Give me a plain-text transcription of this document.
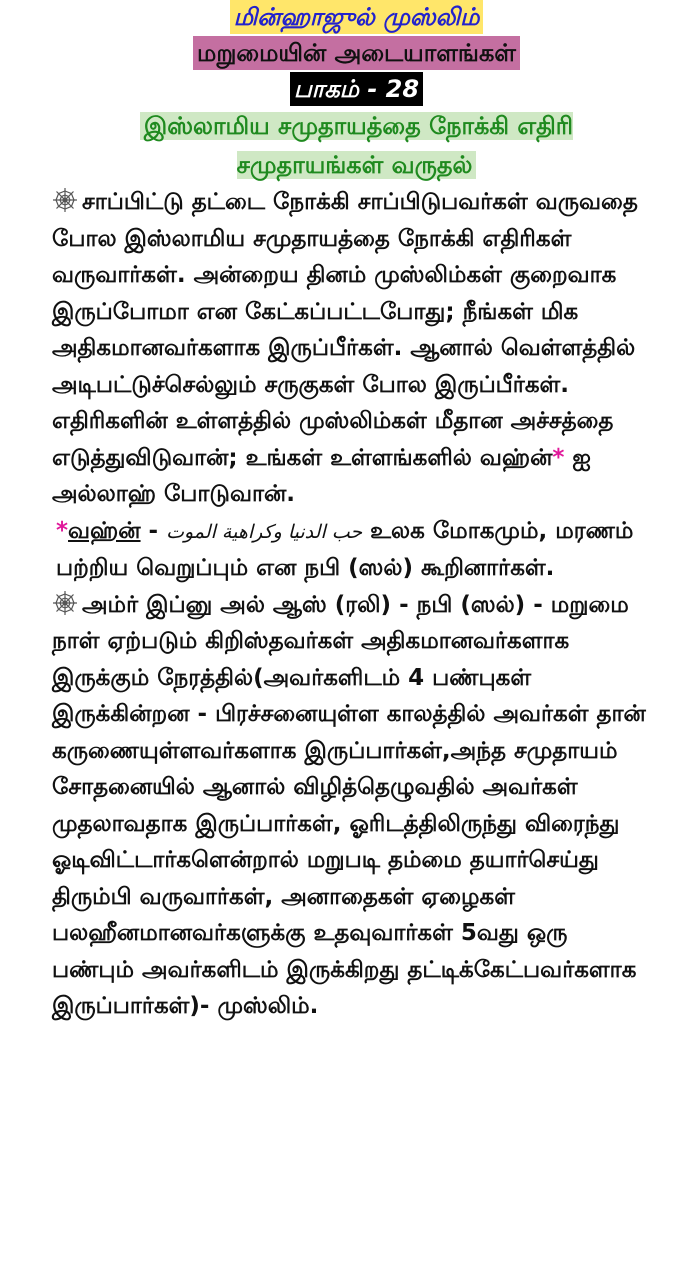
மின்ஹாஜுல் முஸ்லிம்
மறுமையின் அடையாளங்கள்
பாகம் - 28
இஸ்லாமிய சமுதாயத்தை நோக்கி எதிரி சமுதாயங்கள் வருதல்

சாப்பிட்டு தட்டை நோக்கி சாப்பிடுபவர்கள் வருவதை போல இஸ்லாமிய சமுதாயத்தை நோக்கி எதிரிகள் வருவார்கள். அன்றைய தினம் முஸ்லிம்கள் குறைவாக இருப்போமா என கேட்கப்பட்டபோது; நீங்கள் மிக அதிகமானவர்களாக இருப்பீர்கள். ஆனால் வெள்ளத்தில் அடிபட்டுச்செல்லும் சருகுகள் போல இருப்பீர்கள். எதிரிகளின் உள்ளத்தில் முஸ்லிம்கள் மீதான அச்சத்தை எடுத்துவிடுவான்; உங்கள் உள்ளங்களில் வஹ்ன்* ஐ அல்லாஹ் போடுவான்.

*வஹ்ன் - حب الدنيا وكراهية الموت உலக மோகமும், மரணம் பற்றிய வெறுப்பும் என நபி (ஸல்) கூறினார்கள்.

அம்ர் இப்னு அல் ஆஸ் (ரலி) - நபி (ஸல்) - மறுமை நாள் ஏற்படும் கிறிஸ்தவர்கள் அதிகமானவர்களாக இருக்கும் நேரத்தில்(அவர்களிடம் 4 பண்புகள் இருக்கின்றன - பிரச்சனையுள்ள காலத்தில் அவர்கள் தான் கருணையுள்ளவர்களாக இருப்பார்கள்,அந்த சமுதாயம் சோதனையில் ஆனால் விழித்தெழுவதில் அவர்கள் முதலாவதாக இருப்பார்கள், ஓரிடத்திலிருந்து விரைந்து ஓடிவிட்டார்களென்றால் மறுபடி தம்மை தயார்செய்து திரும்பி வருவார்கள், அனாதைகள் ஏழைகள் பலஹீனமானவர்களுக்கு உதவுவார்கள் 5வது ஒரு பண்பும் அவர்களிடம் இருக்கிறது தட்டிக்கேட்பவர்களாக இருப்பார்கள்)- முஸ்லிம்.
